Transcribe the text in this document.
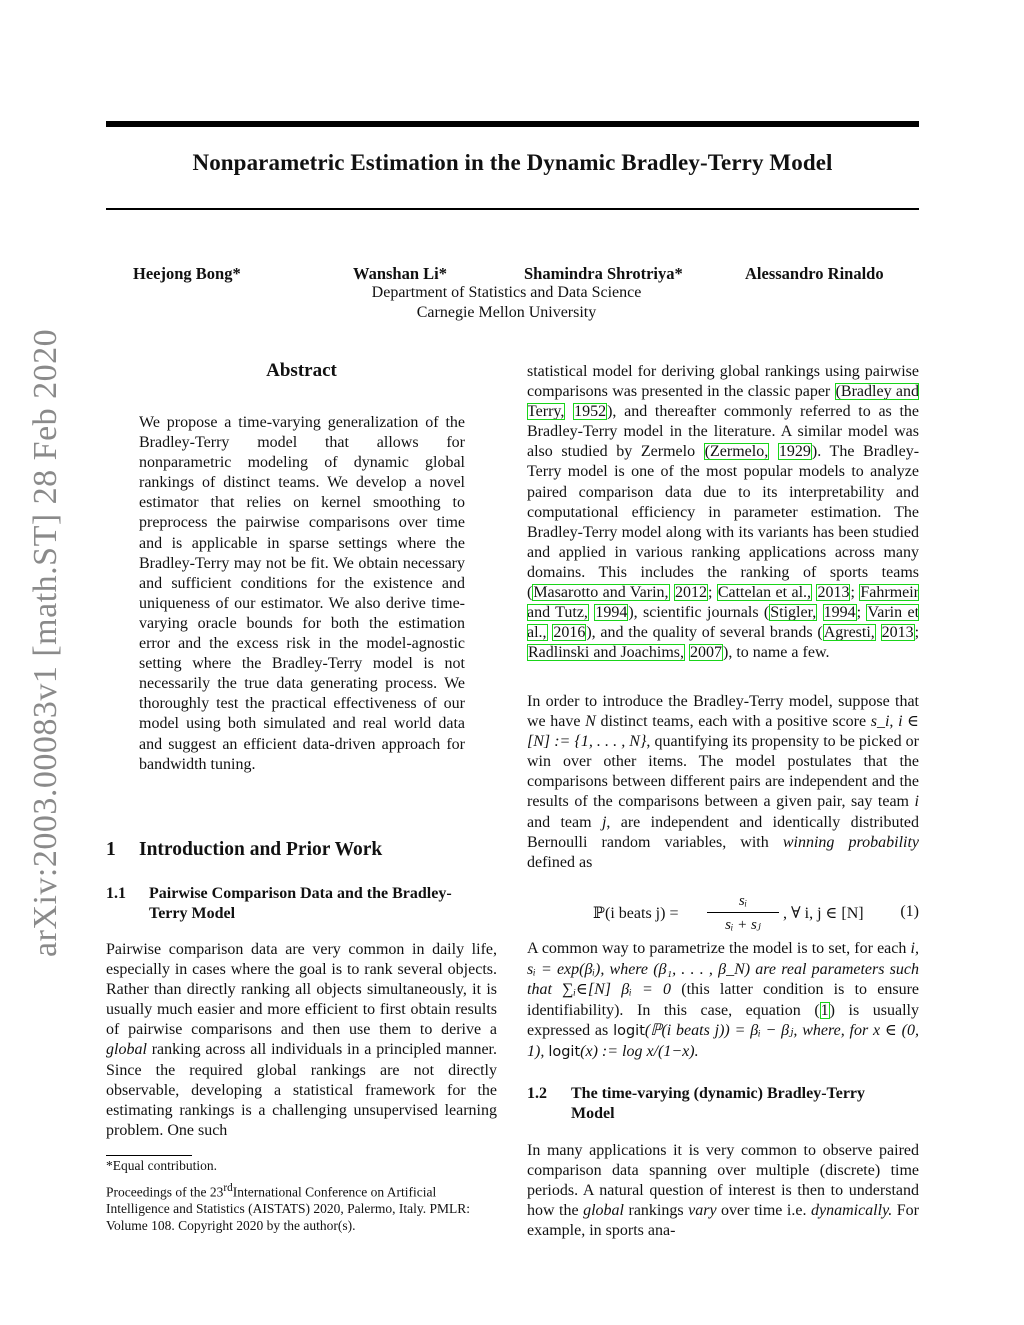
Nonparametric Estimation in the Dynamic Bradley-Terry Model
Heejong Bong*	Wanshan Li*	Shamindra Shrotriya*	Alessandro Rinaldo
Department of Statistics and Data Science
Carnegie Mellon University
arXiv:2003.00083v1 [math.ST] 28 Feb 2020	Abstract
We propose a time-varying generalization of the Bradley-Terry model that allows for nonparametric modeling of dynamic global rankings of distinct teams. We develop a novel estimator that relies on kernel smoothing to preprocess the pairwise comparisons over time and is applicable in sparse settings where the Bradley-Terry may not be fit. We obtain necessary and sufficient conditions for the existence and uniqueness of our estimator. We also derive time-varying oracle bounds for both the estimation error and the excess risk in the model-agnostic setting where the Bradley-Terry model is not necessarily the true data generating process. We thoroughly test the practical effectiveness of our model using both simulated and real world data and suggest an efficient data-driven approach for bandwidth tuning.
1 Introduction and Prior Work
1.1 Pairwise Comparison Data and the Bradley-Terry Model
Pairwise comparison data are very common in daily life, especially in cases where the goal is to rank several objects. Rather than directly ranking all objects simultaneously, it is usually much easier and more efficient to first obtain results of pairwise comparisons and then use them to derive a global ranking across all individuals in a principled manner. Since the required global rankings are not directly observable, developing a statistical framework for the estimating rankings is a challenging unsupervised learning problem. One such
*Equal contribution.
Proceedings of the 23rdInternational Conference on Artificial Intelligence and Statistics (AISTATS) 2020, Palermo, Italy. PMLR: Volume 108. Copyright 2020 by the author(s).
statistical model for deriving global rankings using pairwise comparisons was presented in the classic paper (Bradley and Terry, 1952), and thereafter commonly referred to as the Bradley-Terry model in the literature. A similar model was also studied by Zermelo (Zermelo, 1929). The Bradley-Terry model is one of the most popular models to analyze paired comparison data due to its interpretability and computational efficiency in parameter estimation. The Bradley-Terry model along with its variants has been studied and applied in various ranking applications across many domains. This includes the ranking of sports teams (Masarotto and Varin, 2012; Cattelan et al., 2013; Fahrmeir and Tutz, 1994), scientific journals (Stigler, 1994; Varin et al., 2016), and the quality of several brands (Agresti, 2013; Radlinski and Joachims, 2007), to name a few.
In order to introduce the Bradley-Terry model, suppose that we have N distinct teams, each with a positive score s_i, i ∈ [N] := {1, . . . , N}, quantifying its propensity to be picked or win over other items. The model postulates that the comparisons between different pairs are independent and the results of the comparisons between a given pair, say team i and team j, are independent and identically distributed Bernoulli random variables, with winning probability defined as
ℙ(i beats j) =
sᵢ
sᵢ + sⱼ
, ∀ i, j ∈ [N] (1)
A common way to parametrize the model is to set, for each i, sᵢ = exp(βᵢ), where (β₁, . . . , β_N) are real parameters such that ∑ᵢ∈[N] βᵢ = 0 (this latter condition is to ensure identifiability). In this case, equation (1) is usually expressed as logit(ℙ(i beats j)) = βᵢ − βⱼ, where, for x ∈ (0, 1), logit(x) := log x/(1−x).
1.2 The time-varying (dynamic) Bradley-Terry Model
In many applications it is very common to observe paired comparison data spanning over multiple (discrete) time periods. A natural question of interest is then to understand how the global rankings vary over time i.e. dynamically. For example, in sports ana-
